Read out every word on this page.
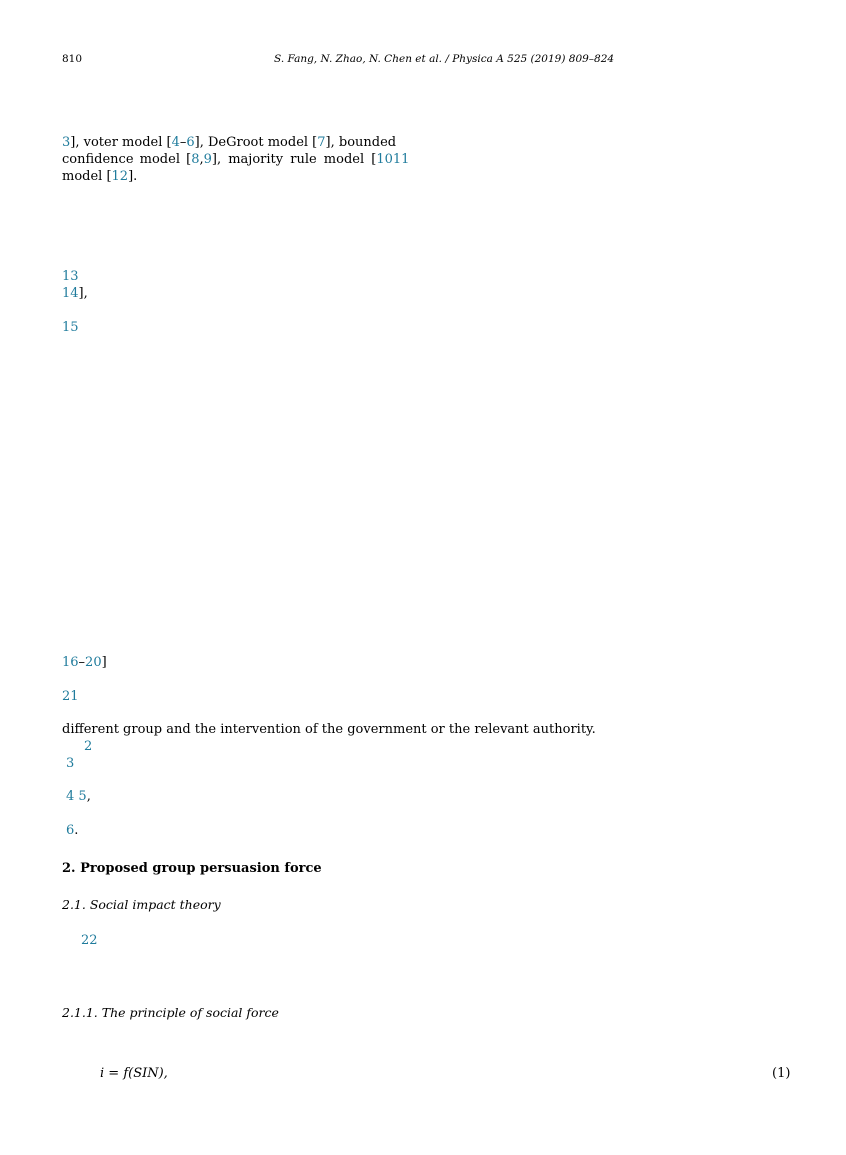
810	S. Fang, N. Zhao, N. Chen et al. / Physica A 525 (2019) 809–824
3], voter model [4–6], DeGroot model [7], bounded
confidence model [8,9], majority rule model [1011
model [12].
13
14],
15
16–20]
21
different group and the intervention of the government or the relevant authority.
2
3
4 5,
6.
2. Proposed group persuasion force
2.1. Social impact theory
22
2.1.1. The principle of social force
i = f(SIN),	(1)
